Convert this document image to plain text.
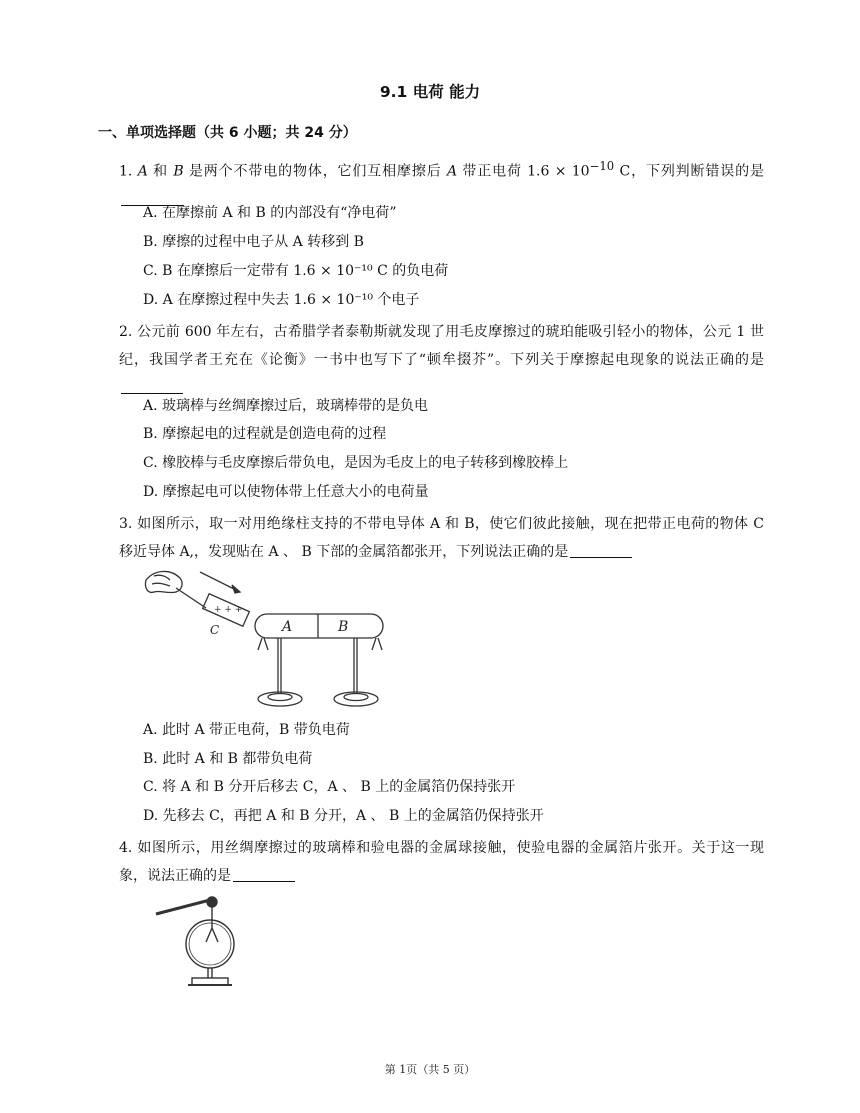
9.1 电荷 能力
一、单项选择题（共 6 小题；共 24 分）
1. A 和 B 是两个不带电的物体，它们互相摩擦后 A 带正电荷 $1.6 \times 10^{-10}$ C，下列判断错误的是
A. 在摩擦前 A 和 B 的内部没有“净电荷”
B. 摩擦的过程中电子从 A 转移到 B
C. B 在摩擦后一定带有 1.6 × 10⁻¹⁰ C 的负电荷
D. A 在摩擦过程中失去 1.6 × 10⁻¹⁰ 个电子
2. 公元前 600 年左右，古希腊学者泰勒斯就发现了用毛皮摩擦过的琥珀能吸引轻小的物体，公元 1 世纪，我国学者王充在《论衡》一书中也写下了“顿牟掇芥”。下列关于摩擦起电现象的说法正确的是
A. 玻璃棒与丝绸摩擦过后，玻璃棒带的是负电
B. 摩擦起电的过程就是创造电荷的过程
C. 橡胶棒与毛皮摩擦后带负电，是因为毛皮上的电子转移到橡胶棒上
D. 摩擦起电可以使物体带上任意大小的电荷量
3. 如图所示，取一对用绝缘柱支持的不带电导体 A 和 B，使它们彼此接触，现在把带正电荷的物体 C 移近导体 A,，发现贴在 A 、 B 下部的金属箔都张开，下列说法正确的是
+ + +
C	A	B
A. 此时 A 带正电荷，B 带负电荷
B. 此时 A 和 B 都带负电荷
C. 将 A 和 B 分开后移去 C，A 、 B 上的金属箔仍保持张开
D. 先移去 C，再把 A 和 B 分开，A 、 B 上的金属箔仍保持张开
4. 如图所示，用丝绸摩擦过的玻璃棒和验电器的金属球接触，使验电器的金属箔片张开。关于这一现象，说法正确的是
第 1页（共 5 页）
